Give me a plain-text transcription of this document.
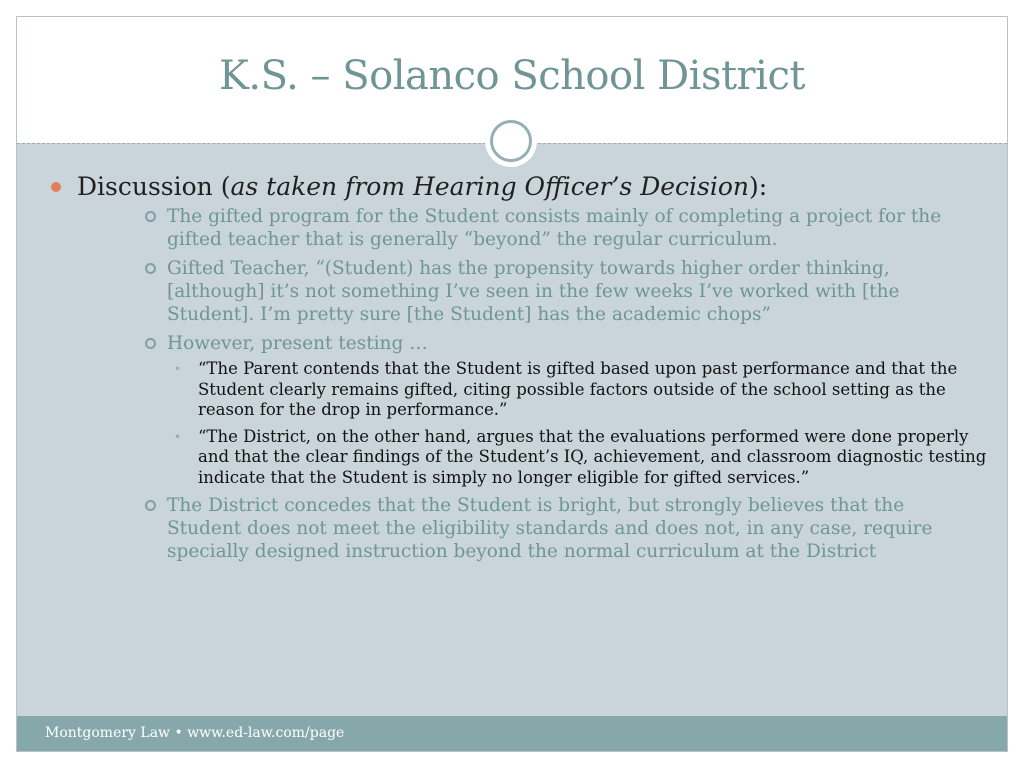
K.S. – Solanco School District
Discussion (as taken from Hearing Officer’s Decision):
The gifted program for the Student consists mainly of completing a project for the gifted teacher that is generally “beyond” the regular curriculum.
Gifted Teacher, “(Student) has the propensity towards higher order thinking, [although] it’s not something I’ve seen in the few weeks I’ve worked with [the Student]. I’m pretty sure [the Student] has the academic chops”
However, present testing …
• “The Parent contends that the Student is gifted based upon past performance and that the Student clearly remains gifted, citing possible factors outside of the school setting as the reason for the drop in performance.”
• “The District, on the other hand, argues that the evaluations performed were done properly and that the clear findings of the Student’s IQ, achievement, and classroom diagnostic testing indicate that the Student is simply no longer eligible for gifted services.”
The District concedes that the Student is bright, but strongly believes that the Student does not meet the eligibility standards and does not, in any case, require specially designed instruction beyond the normal curriculum at the District
Montgomery Law • www.ed-law.com/page
